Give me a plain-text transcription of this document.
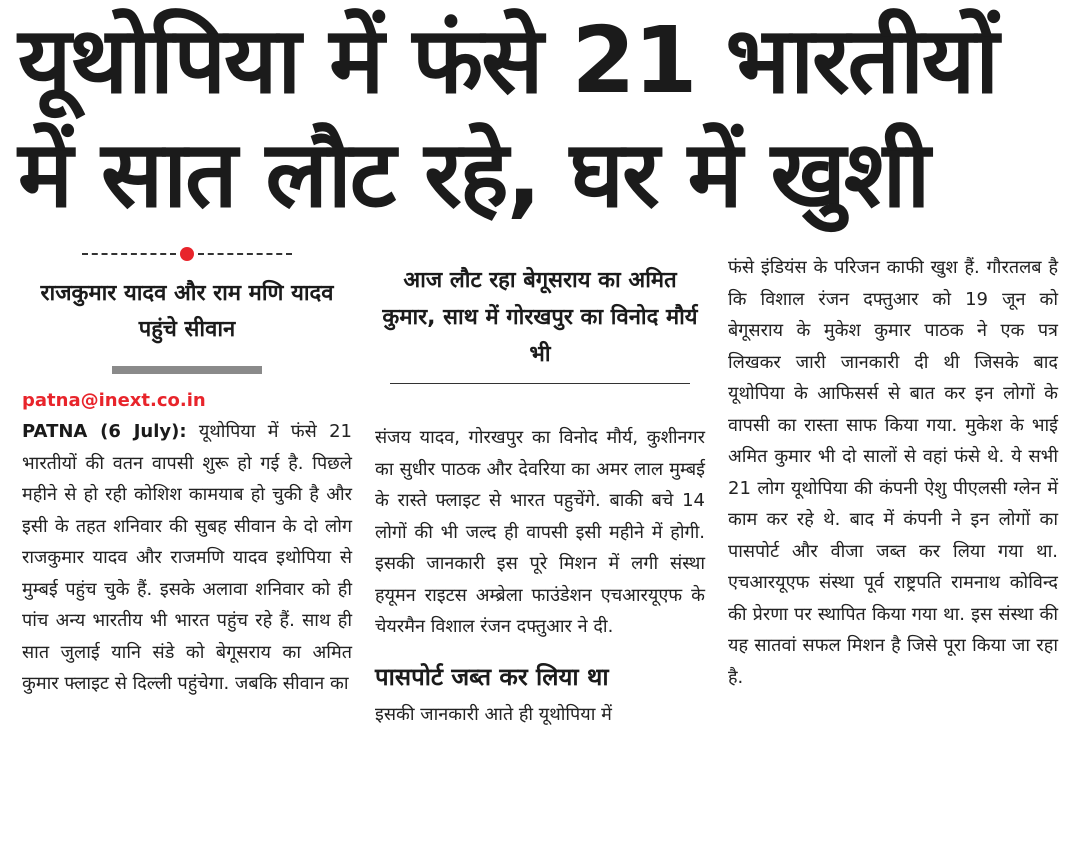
यूथोपिया में फंसे 21 भारतीयों
में सात लौट रहे, घर में खुशी
राजकुमार यादव और राम मणि यादव पहुंचे सीवान
patna@inext.co.in
PATNA (6 July): यूथोपिया में फंसे 21 भारतीयों की वतन वापसी शुरू हो गई है. पिछले महीने से हो रही कोशिश कामयाब हो चुकी है और इसी के तहत शनिवार की सुबह सीवान के दो लोग राजकुमार यादव और राजमणि यादव इथोपिया से मुम्बई पहुंच चुके हैं. इसके अलावा शनिवार को ही पांच अन्य भारतीय भी भारत पहुंच रहे हैं. साथ ही सात जुलाई यानि संडे को बेगूसराय का अमित कुमार फ्लाइट से दिल्ली पहुंचेगा. जबकि सीवान का
आज लौट रहा बेगूसराय का अमित कुमार, साथ में गोरखपुर का विनोद मौर्य भी
संजय यादव, गोरखपुर का विनोद मौर्य, कुशीनगर का सुधीर पाठक और देवरिया का अमर लाल मुम्बई के रास्ते फ्लाइट से भारत पहुचेंगे. बाकी बचे 14 लोगों की भी जल्द ही वापसी इसी महीने में होगी. इसकी जानकारी इस पूरे मिशन में लगी संस्था हयूमन राइटस अम्ब्रेला फाउंडेशन एचआरयूएफ के चेयरमैन विशाल रंजन दफ्तुआर ने दी.
पासपोर्ट जब्त कर लिया था
इसकी जानकारी आते ही यूथोपिया में
फंसे इंडियंस के परिजन काफी खुश हैं. गौरतलब है कि विशाल रंजन दफ्तुआर को 19 जून को बेगूसराय के मुकेश कुमार पाठक ने एक पत्र लिखकर जारी जानकारी दी थी जिसके बाद यूथोपिया के आफिसर्स से बात कर इन लोगों के वापसी का रास्ता साफ किया गया. मुकेश के भाई अमित कुमार भी दो सालों से वहां फंसे थे. ये सभी 21 लोग यूथोपिया की कंपनी ऐशु पीएलसी ग्लेन में काम कर रहे थे. बाद में कंपनी ने इन लोगों का पासपोर्ट और वीजा जब्त कर लिया गया था. एचआरयूएफ संस्था पूर्व राष्ट्रपति रामनाथ कोविन्द की प्रेरणा पर स्थापित किया गया था. इस संस्था की यह सातवां सफल मिशन है जिसे पूरा किया जा रहा है.
